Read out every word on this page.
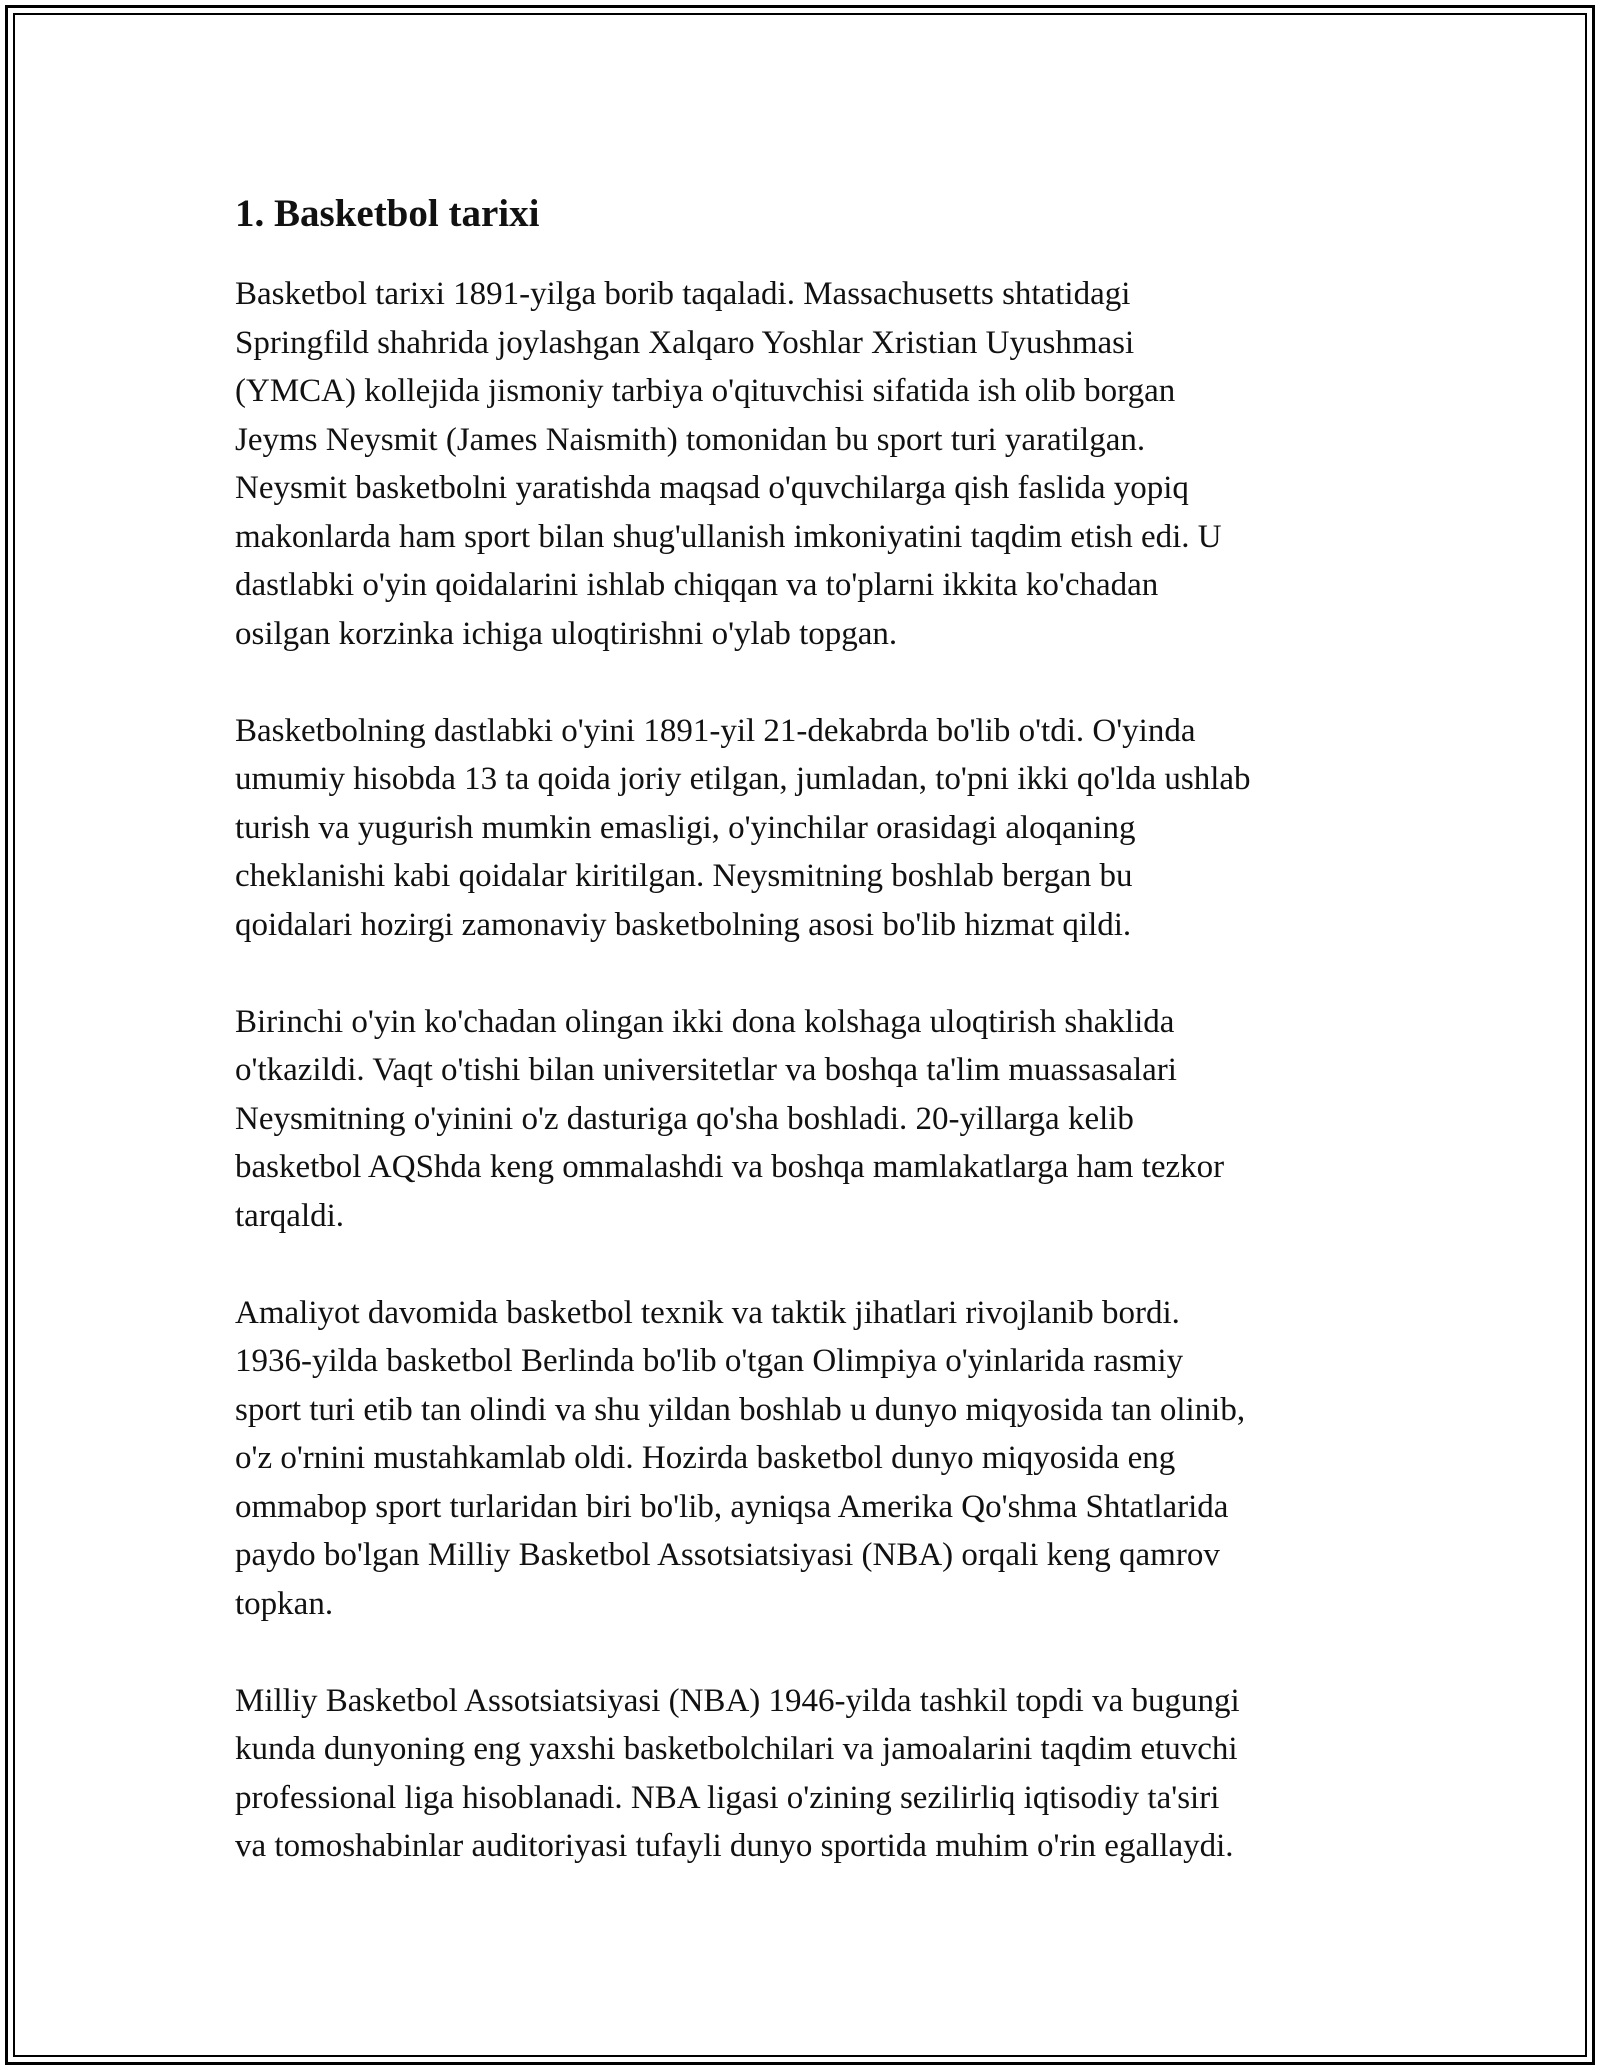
1. Basketbol tarixi
Basketbol tarixi 1891-yilga borib taqaladi. Massachusetts shtatidagi
Springfild shahrida joylashgan Xalqaro Yoshlar Xristian Uyushmasi
(YMCA) kollejida jismoniy tarbiya o'qituvchisi sifatida ish olib borgan
Jeyms Neysmit (James Naismith) tomonidan bu sport turi yaratilgan.
Neysmit basketbolni yaratishda maqsad o'quvchilarga qish faslida yopiq
makonlarda ham sport bilan shug'ullanish imkoniyatini taqdim etish edi. U
dastlabki o'yin qoidalarini ishlab chiqqan va to'plarni ikkita ko'chadan
osilgan korzinka ichiga uloqtirishni o'ylab topgan.
Basketbolning dastlabki o'yini 1891-yil 21-dekabrda bo'lib o'tdi. O'yinda
umumiy hisobda 13 ta qoida joriy etilgan, jumladan, to'pni ikki qo'lda ushlab
turish va yugurish mumkin emasligi, o'yinchilar orasidagi aloqaning
cheklanishi kabi qoidalar kiritilgan. Neysmitning boshlab bergan bu
qoidalari hozirgi zamonaviy basketbolning asosi bo'lib hizmat qildi.
Birinchi o'yin ko'chadan olingan ikki dona kolshaga uloqtirish shaklida
o'tkazildi. Vaqt o'tishi bilan universitetlar va boshqa ta'lim muassasalari
Neysmitning o'yinini o'z dasturiga qo'sha boshladi. 20-yillarga kelib
basketbol AQShda keng ommalashdi va boshqa mamlakatlarga ham tezkor
tarqaldi.
Amaliyot davomida basketbol texnik va taktik jihatlari rivojlanib bordi.
1936-yilda basketbol Berlinda bo'lib o'tgan Olimpiya o'yinlarida rasmiy
sport turi etib tan olindi va shu yildan boshlab u dunyo miqyosida tan olinib,
o'z o'rnini mustahkamlab oldi. Hozirda basketbol dunyo miqyosida eng
ommabop sport turlaridan biri bo'lib, ayniqsa Amerika Qo'shma Shtatlarida
paydo bo'lgan Milliy Basketbol Assotsiatsiyasi (NBA) orqali keng qamrov
topkan.
Milliy Basketbol Assotsiatsiyasi (NBA) 1946-yilda tashkil topdi va bugungi
kunda dunyoning eng yaxshi basketbolchilari va jamoalarini taqdim etuvchi
professional liga hisoblanadi. NBA ligasi o'zining sezilirliq iqtisodiy ta'siri
va tomoshabinlar auditoriyasi tufayli dunyo sportida muhim o'rin egallaydi.
